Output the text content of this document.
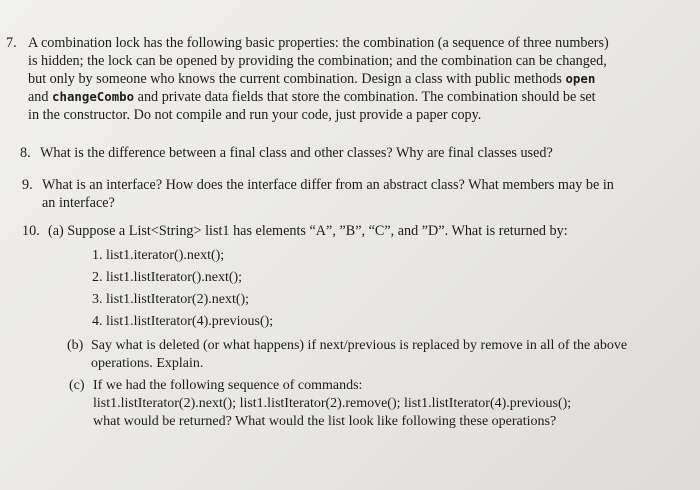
7. A combination lock has the following basic properties: the combination (a sequence of three numbers)
is hidden; the lock can be opened by providing the combination; and the combination can be changed,
but only by someone who knows the current combination. Design a class with public methods open
and changeCombo and private data fields that store the combination. The combination should be set
in the constructor. Do not compile and run your code, just provide a paper copy.
8. What is the difference between a final class and other classes? Why are final classes used?
9. What is an interface? How does the interface differ from an abstract class? What members may be in
an interface?
10. (a) Suppose a List<String> list1 has elements “A”, ”B”, “C”, and ”D”. What is returned by:
1. list1.iterator().next();
2. list1.listIterator().next();
3. list1.listIterator(2).next();
4. list1.listIterator(4).previous();
(b) Say what is deleted (or what happens) if next/previous is replaced by remove in all of the above
operations. Explain.
(c) If we had the following sequence of commands:
list1.listIterator(2).next(); list1.listIterator(2).remove(); list1.listIterator(4).previous();
what would be returned? What would the list look like following these operations?
